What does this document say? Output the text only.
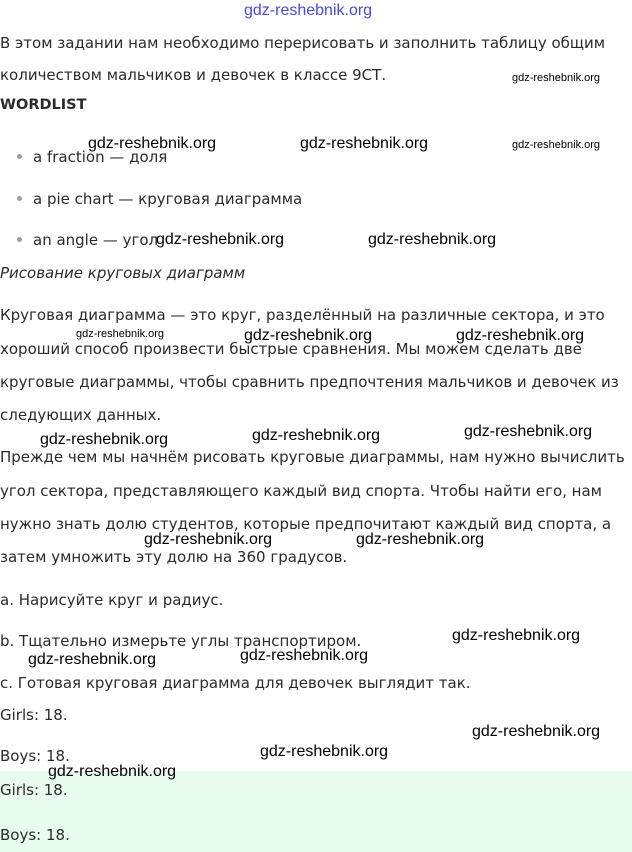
gdz-reshebnik.org
В этом задании нам необходимо перерисовать и заполнить таблицу общим
количеством мальчиков и девочек в классе 9СТ.
WORDLIST
a fraction — доля
a pie chart — круговая диаграмма
an angle — угол
Рисование круговых диаграмм
Круговая диаграмма — это круг, разделённый на различные сектора, и это
хороший способ произвести быстрые сравнения. Мы можем сделать две
круговые диаграммы, чтобы сравнить предпочтения мальчиков и девочек из
следующих данных.
Прежде чем мы начнём рисовать круговые диаграммы, нам нужно вычислить
угол сектора, представляющего каждый вид спорта. Чтобы найти его, нам
нужно знать долю студентов, которые предпочитают каждый вид спорта, а
затем умножить эту долю на 360 градусов.
a. Нарисуйте круг и радиус.
b. Тщательно измерьте углы транспортиром.
c. Готовая круговая диаграмма для девочек выглядит так.
Girls: 18.
Boys: 18.
Girls: 18.
Boys: 18.
gdz-reshebnik.org
gdz-reshebnik.org	gdz-reshebnik.org	gdz-reshebnik.org
gdz-reshebnik.org	gdz-reshebnik.org
gdz-reshebnik.org	gdz-reshebnik.org	gdz-reshebnik.org
gdz-reshebnik.org	gdz-reshebnik.org	gdz-reshebnik.org
gdz-reshebnik.org	gdz-reshebnik.org
gdz-reshebnik.org
gdz-reshebnik.org	gdz-reshebnik.org
gdz-reshebnik.org
gdz-reshebnik.org
gdz-reshebnik.org
